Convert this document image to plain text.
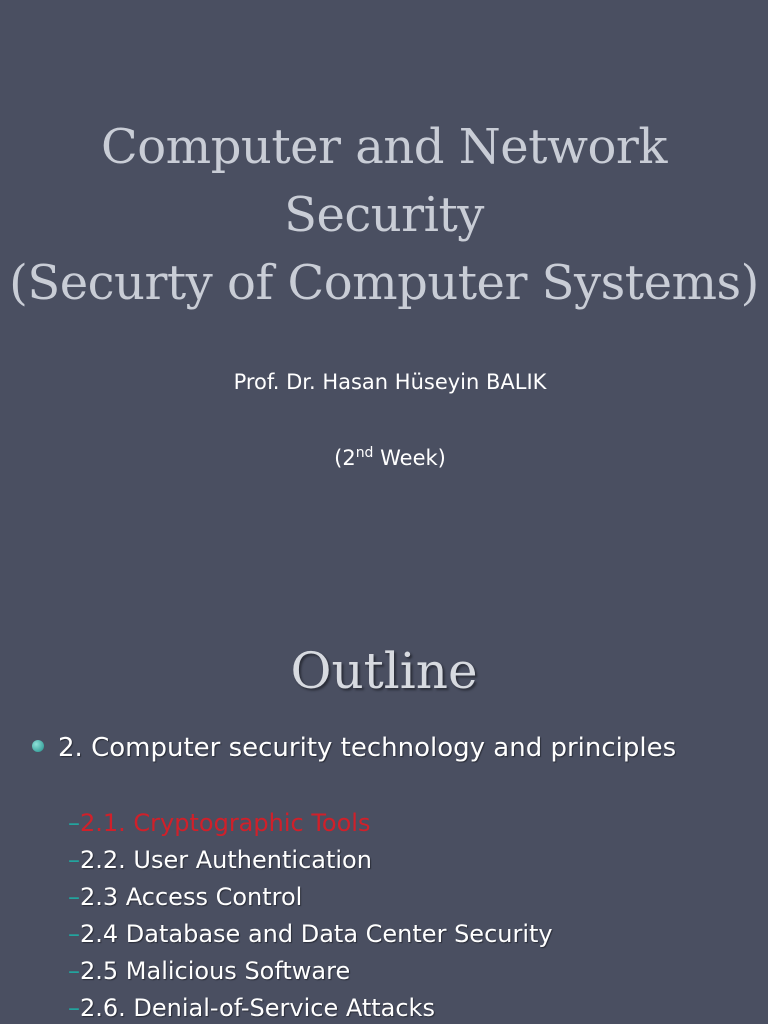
Computer and Network
Security
(Securty of Computer Systems)
Prof. Dr. Hasan Hüseyin BALIK
(2nd Week)
Outline
2. Computer security technology and principles
–2.1. Cryptographic Tools
–2.2. User Authentication
–2.3 Access Control
–2.4 Database and Data Center Security
–2.5 Malicious Software
–2.6. Denial-of-Service Attacks
